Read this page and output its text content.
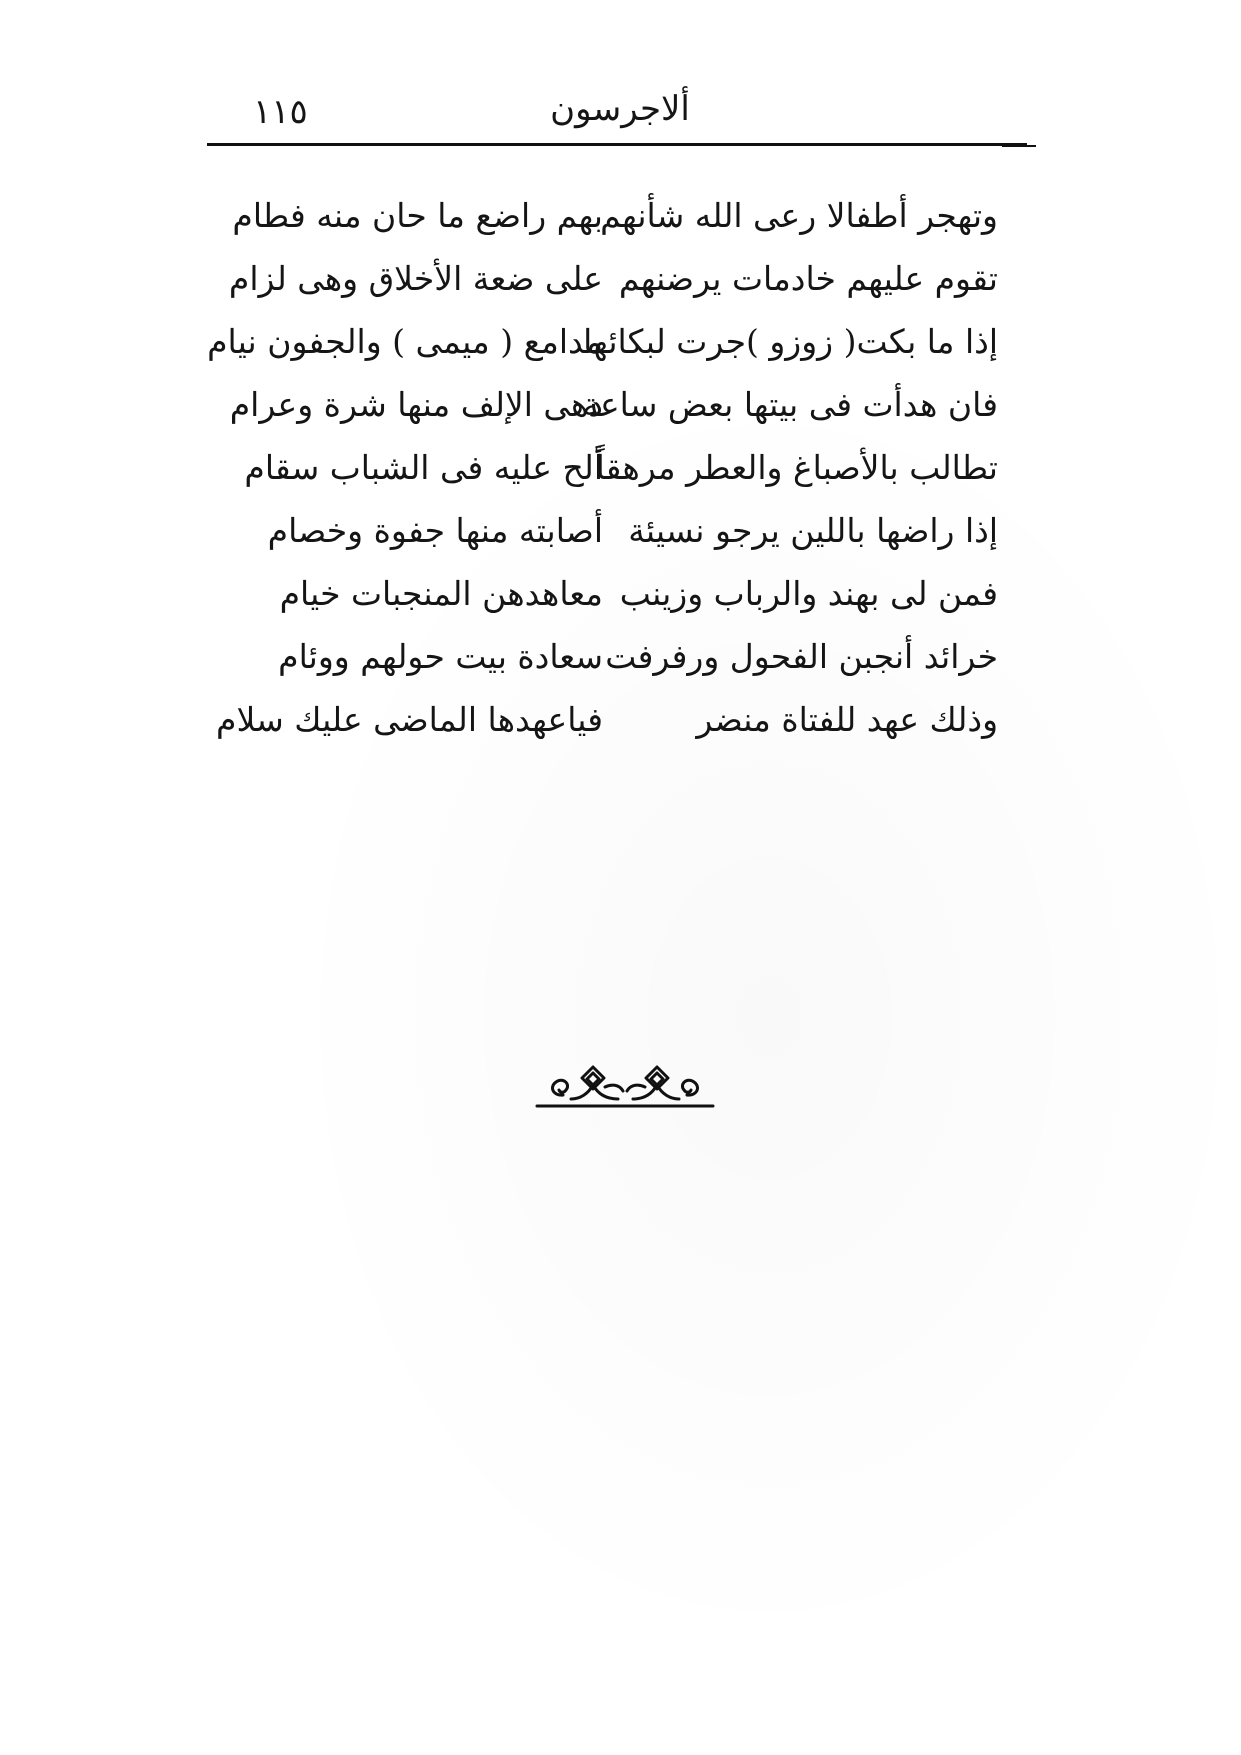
ألاجرسون
١١٥
وتهجر أطفالا رعى الله شأنهم
بهم راضع ما حان منه فطام
تقوم عليهم خادمات يرضنهم
على ضعة الأخلاق وهى لزام
إذا ما بكت( زوزو )جرت لبكائها
مدامع ( ميمى ) والجفون نيام
فان هدأت فى بيتها بعض ساعة
دهى الإلف منها شرة وعرام
تطالب بالأصباغ والعطر مرهقاً
ألح عليه فى الشباب سقام
إذا راضها باللين يرجو نسيئة
أصابته منها جفوة وخصام
فمن لى بهند والرباب وزينب
معاهدهن المنجبات خيام
خرائد أنجبن الفحول ورفرفت
سعادة بيت حولهم ووئام
وذلك عهد للفتاة منضر
فياعهدها الماضى عليك سلام
